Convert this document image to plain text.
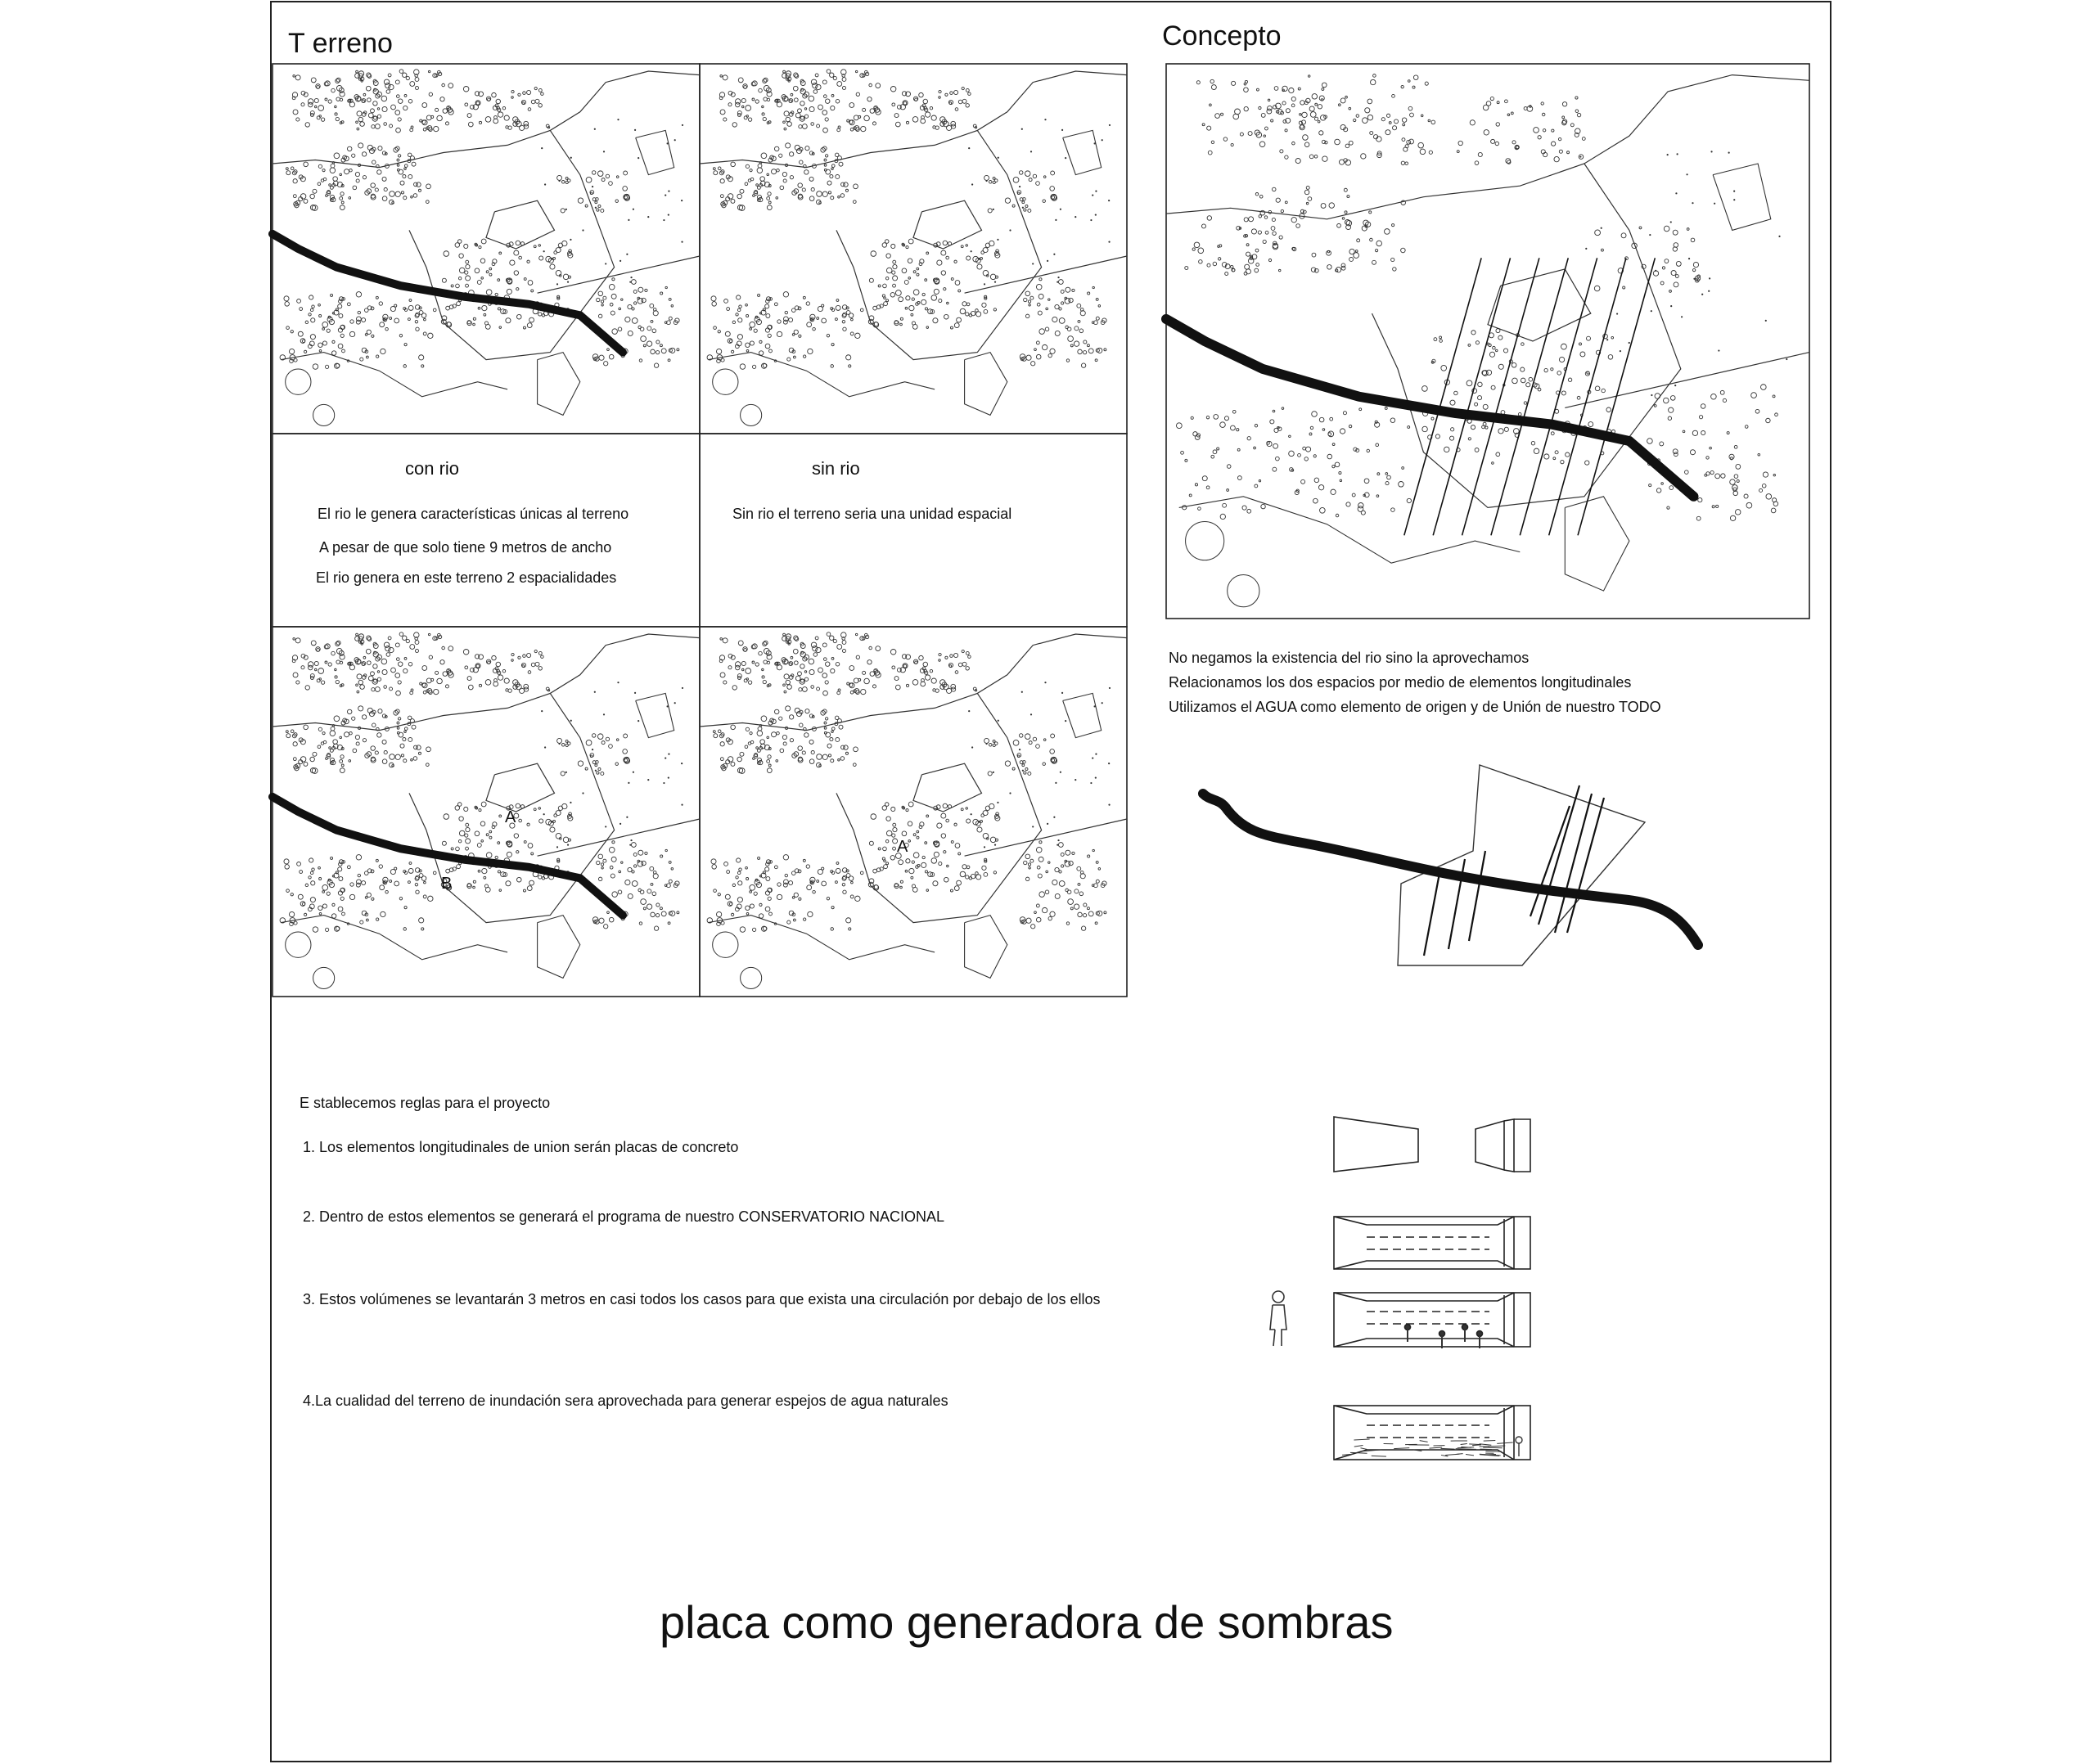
T erreno	Concepto
con rio
El rio le genera características únicas al terreno
A pesar de que solo tiene 9 metros de ancho
El rio genera en este terreno 2 espacialidades
sin rio
Sin rio el terreno seria una unidad espacial
A
B
A
No negamos la existencia del rio sino la aprovechamos
Relacionamos los dos espacios por medio de elementos longitudinales
Utilizamos el AGUA como elemento de origen y de Unión de nuestro TODO
E stablecemos reglas para el proyecto
1. Los elementos longitudinales de union serán placas de concreto
2. Dentro de estos elementos se generará el programa de nuestro CONSERVATORIO NACIONAL
3. Estos volúmenes se levantarán 3 metros en casi todos los casos para que exista una circulación por debajo de los ellos
4.La cualidad del terreno de inundación sera aprovechada para generar espejos de agua naturales
placa como generadora de sombras
